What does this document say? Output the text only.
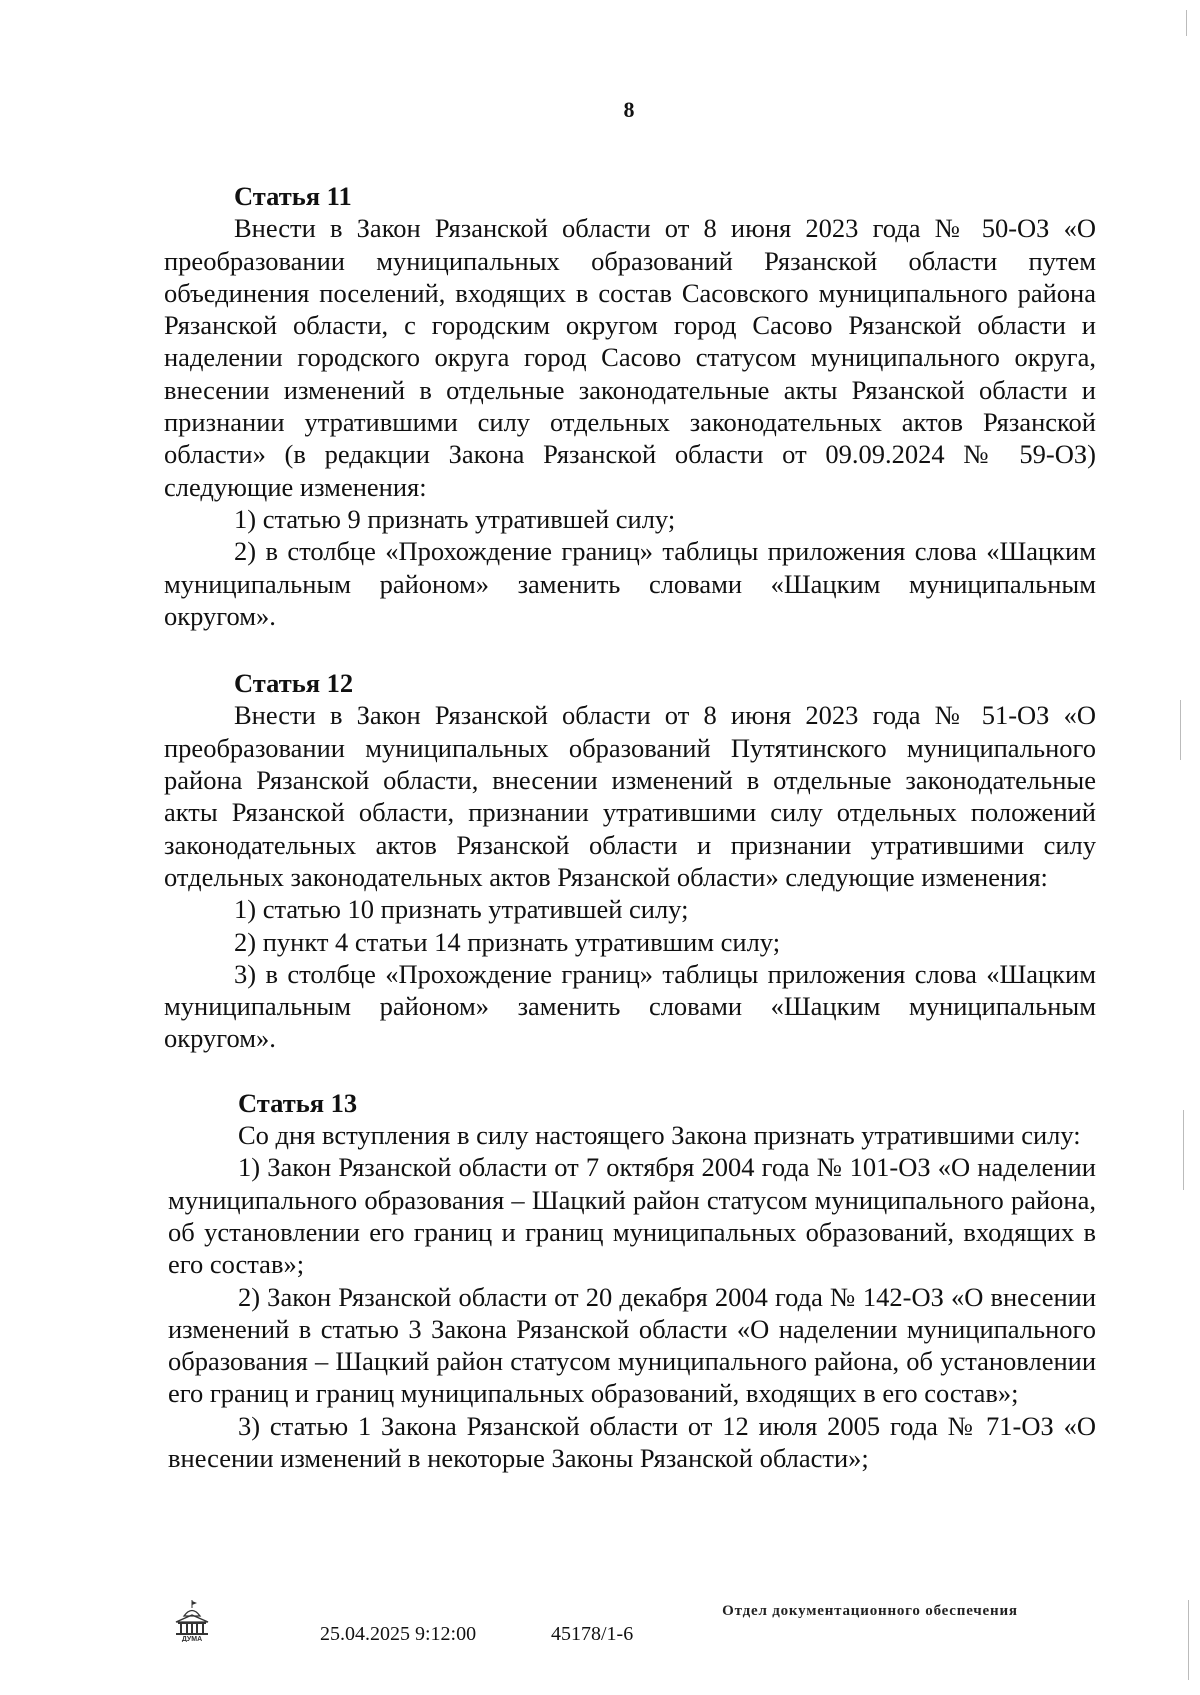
8

Статья 11

Внести в Закон Рязанской области от 8 июня 2023 года № 50-ОЗ «О преобразовании муниципальных образований Рязанской области путем объединения поселений, входящих в состав Сасовского муниципального района Рязанской области, с городским округом город Сасово Рязанской области и наделении городского округа город Сасово статусом муниципального округа, внесении изменений в отдельные законодательные акты Рязанской области и признании утратившими силу отдельных законодательных актов Рязанской области» (в редакции Закона Рязанской области от 09.09.2024 № 59-ОЗ) следующие изменения:

1) статью 9 признать утратившей силу;

2) в столбце «Прохождение границ» таблицы приложения слова «Шацким муниципальным районом» заменить словами «Шацким муниципальным округом».

Статья 12

Внести в Закон Рязанской области от 8 июня 2023 года № 51-ОЗ «О преобразовании муниципальных образований Путятинского муниципального района Рязанской области, внесении изменений в отдельные законодательные акты Рязанской области, признании утратившими силу отдельных положений законодательных актов Рязанской области и признании утратившими силу отдельных законодательных актов Рязанской области» следующие изменения:

1) статью 10 признать утратившей силу;

2) пункт 4 статьи 14 признать утратившим силу;

3) в столбце «Прохождение границ» таблицы приложения слова «Шацким муниципальным районом» заменить словами «Шацким муниципальным округом».

Статья 13

Со дня вступления в силу настоящего Закона признать утратившими силу:

1) Закон Рязанской области от 7 октября 2004 года № 101-ОЗ «О наделении муниципального образования – Шацкий район статусом муниципального района, об установлении его границ и границ муниципальных образований, входящих в его состав»;

2) Закон Рязанской области от 20 декабря 2004 года № 142-ОЗ «О внесении изменений в статью 3 Закона Рязанской области «О наделении муниципального образования – Шацкий район статусом муниципального района, об установлении его границ и границ муниципальных образований, входящих в его состав»;

3) статью 1 Закона Рязанской области от 12 июля 2005 года № 71-ОЗ «О внесении изменений в некоторые Законы Рязанской области»;

ДУМА	25.04.2025 9:12:00	45178/1-6
Отдел документационного обеспечения
